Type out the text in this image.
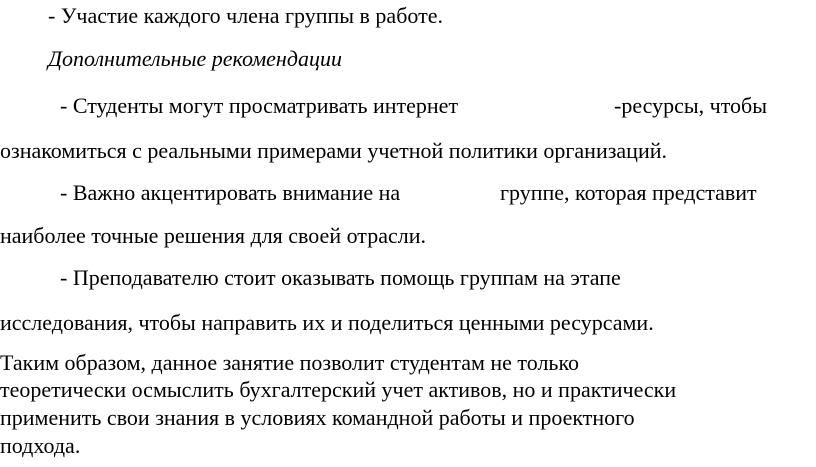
- Участие каждого члена группы в работе.
Дополнительные рекомендации
- Студенты могут просматривать интернет	-ресурсы, чтобы
ознакомиться с реальными примерами учетной политики организаций.
- Важно акцентировать внимание на	группе, которая представит
наиболее точные решения для своей отрасли.
- Преподавателю стоит оказывать помощь группам на этапе
исследования, чтобы направить их и поделиться ценными ресурсами.
Таким образом, данное занятие позволит студентам не только
теоретически осмыслить бухгалтерский учет активов, но и практически
применить свои знания в условиях командной работы и проектного
подхода.
